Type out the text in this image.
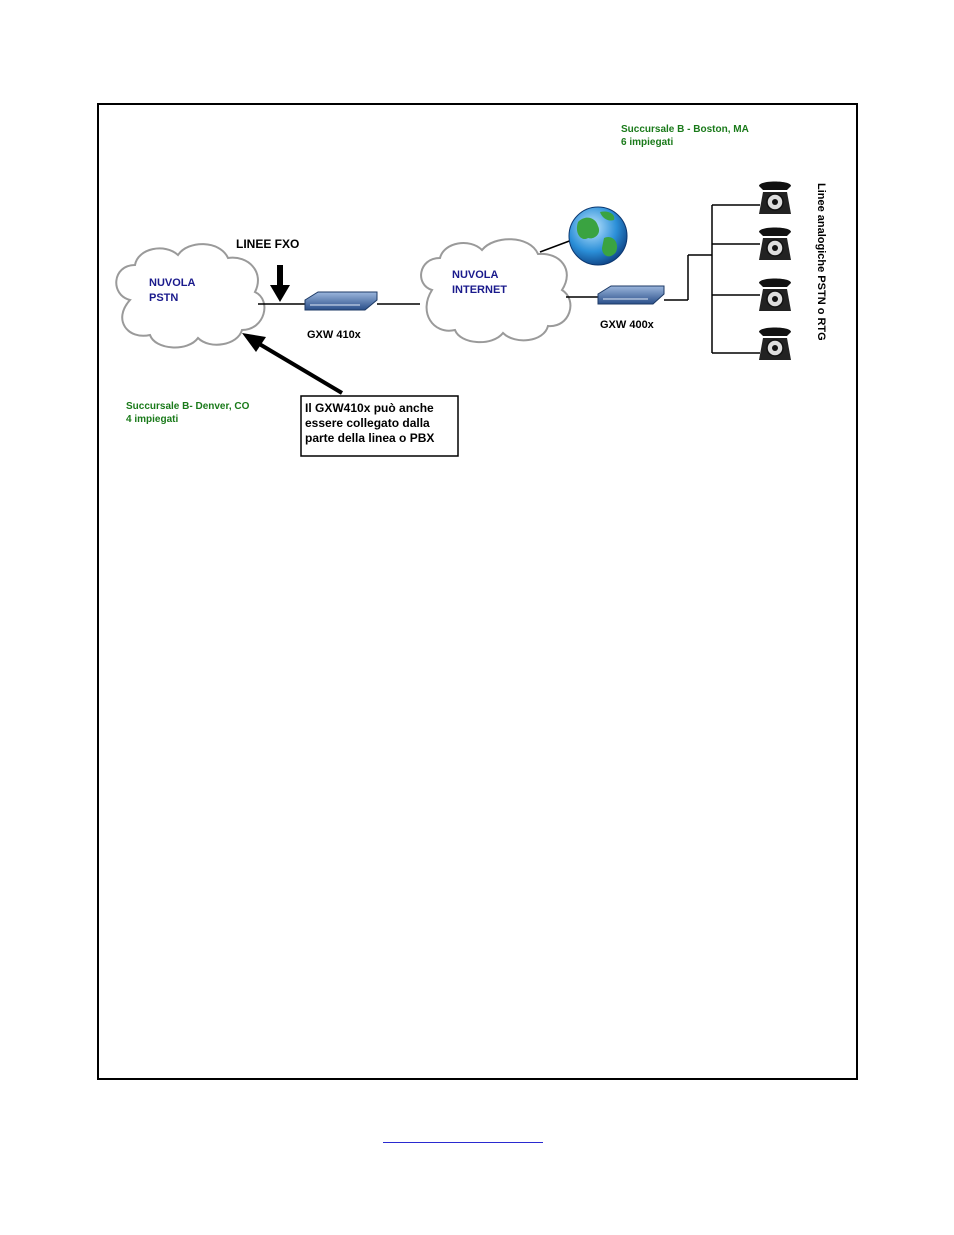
NUVOLA
PSTN
NUVOLA
INTERNET
LINEE FXO
GXW 410x
GXW 400x	Linee analogiche PSTN o RTG
Succursale B - Boston, MA
6 impiegati
Succursale B- Denver, CO
4 impiegati
Il GXW410x può anche
essere collegato dalla
parte della linea o PBX
